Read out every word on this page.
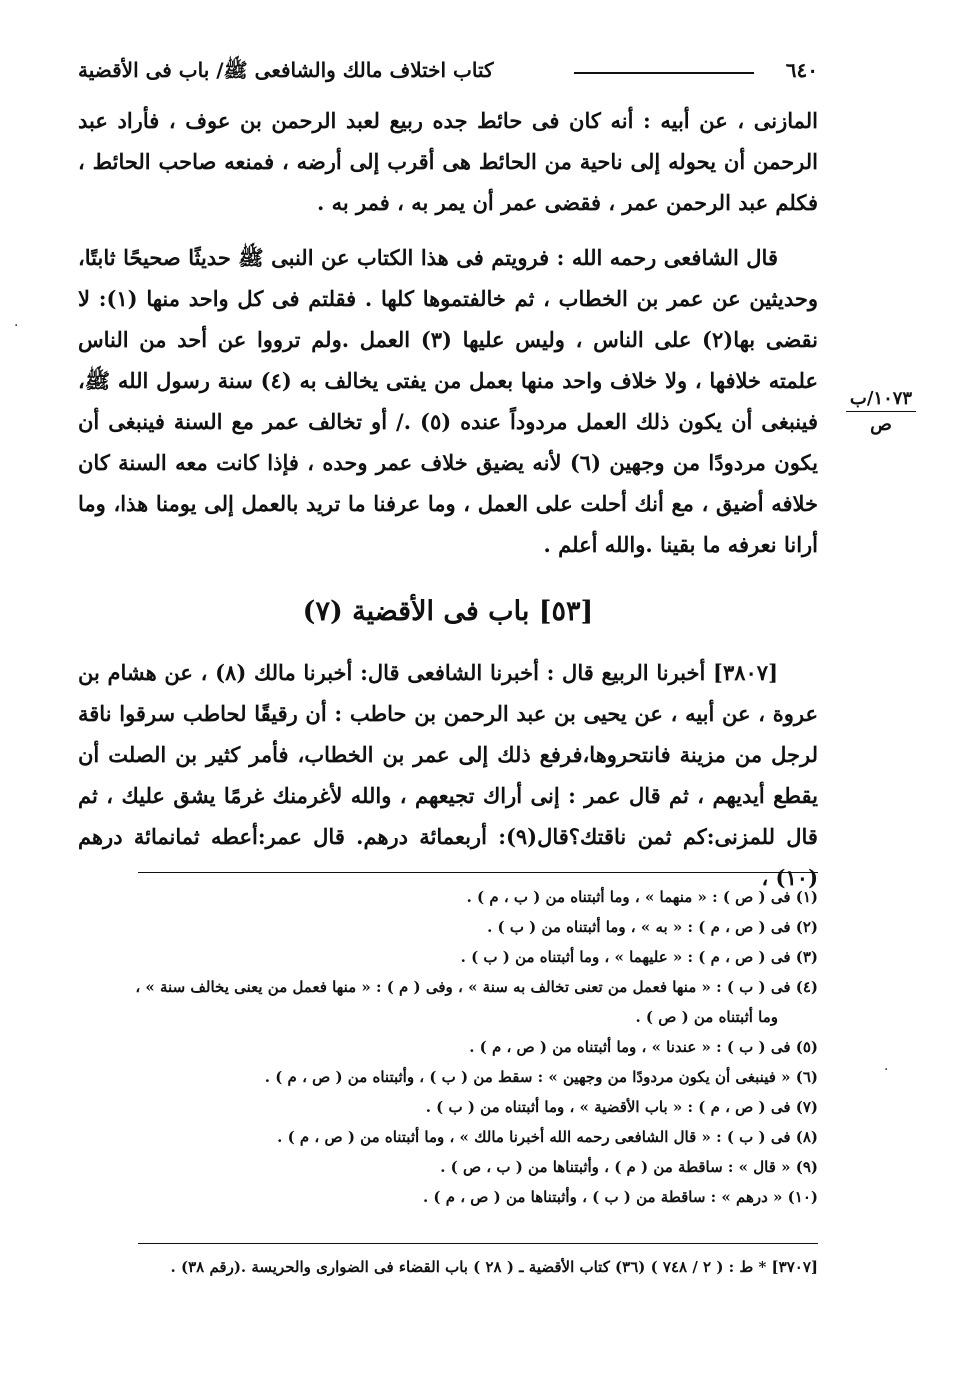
٦٤٠
كتاب اختلاف مالك والشافعى ﷺ/ باب فى الأقضية

المازنى ، عن أبيه : أنه كان فى حائط جده ربيع لعبد الرحمن بن عوف ، فأراد عبد الرحمن أن يحوله إلى ناحية من الحائط هى أقرب إلى أرضه ، فمنعه صاحب الحائط ، فكلم عبد الرحمن عمر ، فقضى عمر أن يمر به ، فمر به .

قال الشافعى رحمه الله : فرويتم فى هذا الكتاب عن النبى ﷺ حديثًا صحيحًا ثابتًا، وحديثين عن عمر بن الخطاب ، ثم خالفتموها كلها . فقلتم فى كل واحد منها (١): لا نقضى بها(٢) على الناس ، وليس عليها (٣) العمل .ولم ترووا عن أحد من الناس علمته خلافها ، ولا خلاف واحد منها بعمل من يفتى يخالف به (٤) سنة رسول الله ﷺ، فينبغى أن يكون ذلك العمل مردوداً عنده (٥) ./ أو تخالف عمر مع السنة فينبغى أن يكون مردودًا من وجهين (٦) لأنه يضيق خلاف عمر وحده ، فإذا كانت معه السنة كان خلافه أضيق ، مع أنك أحلت على العمل ، وما عرفنا ما تريد بالعمل إلى يومنا هذا، وما أرانا نعرفه ما بقينا .والله أعلم .

١٠٧٣/ب
ص
[٥٣] باب فى الأقضية (٧)

[٣٨٠٧] أخبرنا الربيع قال : أخبرنا الشافعى قال: أخبرنا مالك (٨) ، عن هشام بن عروة ، عن أبيه ، عن يحيى بن عبد الرحمن بن حاطب : أن رقيقًا لحاطب سرقوا ناقة لرجل من مزينة فانتحروها،فرفع ذلك إلى عمر بن الخطاب، فأمر كثير بن الصلت أن يقطع أيديهم ، ثم قال عمر : إنى أراك تجيعهم ، والله لأغرمنك غرمًا يشق عليك ، ثم قال للمزنى:كم ثمن ناقتك؟قال(٩): أربعمائة درهم. قال عمر:أعطه ثمانمائة درهم (١٠) ،

(١) فى ( ص ) : « منهما » ، وما أثبتناه من ( ب ، م ) .

(٢) فى ( ص ، م ) : « به » ، وما أثبتناه من ( ب ) .

(٣) فى ( ص ، م ) : « عليهما » ، وما أثبتناه من ( ب ) .

(٤) فى ( ب ) : « منها فعمل من تعنى تخالف به سنة » ، وفى ( م ) : « منها فعمل من يعنى يخالف سنة » ،

وما أثبتناه من ( ص ) .

(٥) فى ( ب ) : « عندنا » ، وما أثبتناه من ( ص ، م ) .

(٦) « فينبغى أن يكون مردودًا من وجهين » : سقط من ( ب ) ، وأثبتناه من ( ص ، م ) .

(٧) فى ( ص ، م ) : « باب الأقضية » ، وما أثبتناه من ( ب ) .

(٨) فى ( ب ) : « قال الشافعى رحمه الله أخبرنا مالك » ، وما أثبتناه من ( ص ، م ) .

(٩) « قال » : ساقطة من ( م ) ، وأثبتناها من ( ب ، ص ) .

(١٠) « درهم » : ساقطة من ( ب ) ، وأثبتناها من ( ص ، م ) .

[٣٧٠٧] * ط : ( ٢ / ٧٤٨ ) (٣٦) كتاب الأقضية ـ ( ٢٨ ) باب القضاء فى الضوارى والحريسة .(رقم ٣٨) .
·
·
